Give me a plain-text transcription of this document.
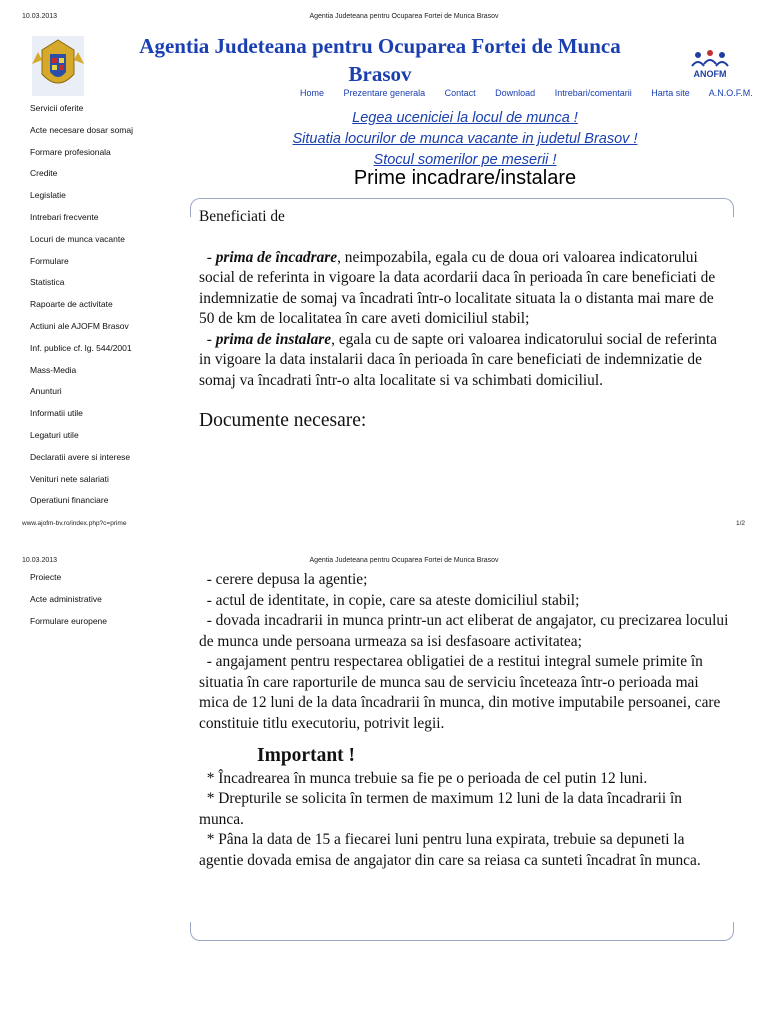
10.03.2013	Agentia Judeteana pentru Ocuparea Fortei de Munca Brasov
Agentia Judeteana pentru Ocuparea Fortei de Munca
Brasov	ANOFM
Home Prezentare generala Contact Download Intrebari/comentarii Harta site A.N.O.F.M.
Servicii oferite
Acte necesare dosar somaj
Formare profesionala
Credite
Legislatie
Intrebari frecvente
Locuri de munca vacante
Formulare
Statistica
Rapoarte de activitate
Actiuni ale AJOFM Brasov
Inf. publice cf. lg. 544/2001
Mass-Media
Anunturi
Informatii utile
Legaturi utile
Declaratii avere si interese
Venituri nete salariati
Operatiuni financiare
Legea uceniciei la locul de munca !
Situatia locurilor de munca vacante in judetul Brasov !
Stocul somerilor pe meserii !
Prime incadrare/instalare

Beneficiati de

- prima de încadrare, neimpozabila, egala cu de doua ori valoarea indicatorului social de referinta in vigoare la data acordarii daca în perioada în care beneficiati de indemnizatie de somaj va încadrati într-o localitate situata la o distanta mai mare de 50 de km de localitatea în care aveti domiciliul stabil;

- prima de instalare, egala cu de sapte ori valoarea indicatorului social de referinta in vigoare la data instalarii daca în perioada în care beneficiati de indemnizatie de somaj va încadrati într-o alta localitate si va schimbati domiciliul.

Documente necesare:
www.ajofm-bv.ro/index.php?c=prime	1/2
10.03.2013	Agentia Judeteana pentru Ocuparea Fortei de Munca Brasov
Proiecte
Acte administrative
Formulare europene

- cerere depusa la agentie;

- actul de identitate, in copie, care sa ateste domiciliul stabil;

- dovada incadrarii in munca printr-un act eliberat de angajator, cu precizarea locului de munca unde persoana urmeaza sa isi desfasoare activitatea;

- angajament pentru respectarea obligatiei de a restitui integral sumele primite în situatia în care raporturile de munca sau de serviciu înceteaza într-o perioada mai mica de 12 luni de la data încadrarii în munca, din motive imputabile persoanei, care constituie titlu executoriu, potrivit legii.

Important !

* Încadrearea în munca trebuie sa fie pe o perioada de cel putin 12 luni.

* Drepturile se solicita în termen de maximum 12 luni de la data încadrarii în munca.

* Pâna la data de 15 a fiecarei luni pentru luna expirata, trebuie sa depuneti la agentie dovada emisa de angajator din care sa reiasa ca sunteti încadrat în munca.
